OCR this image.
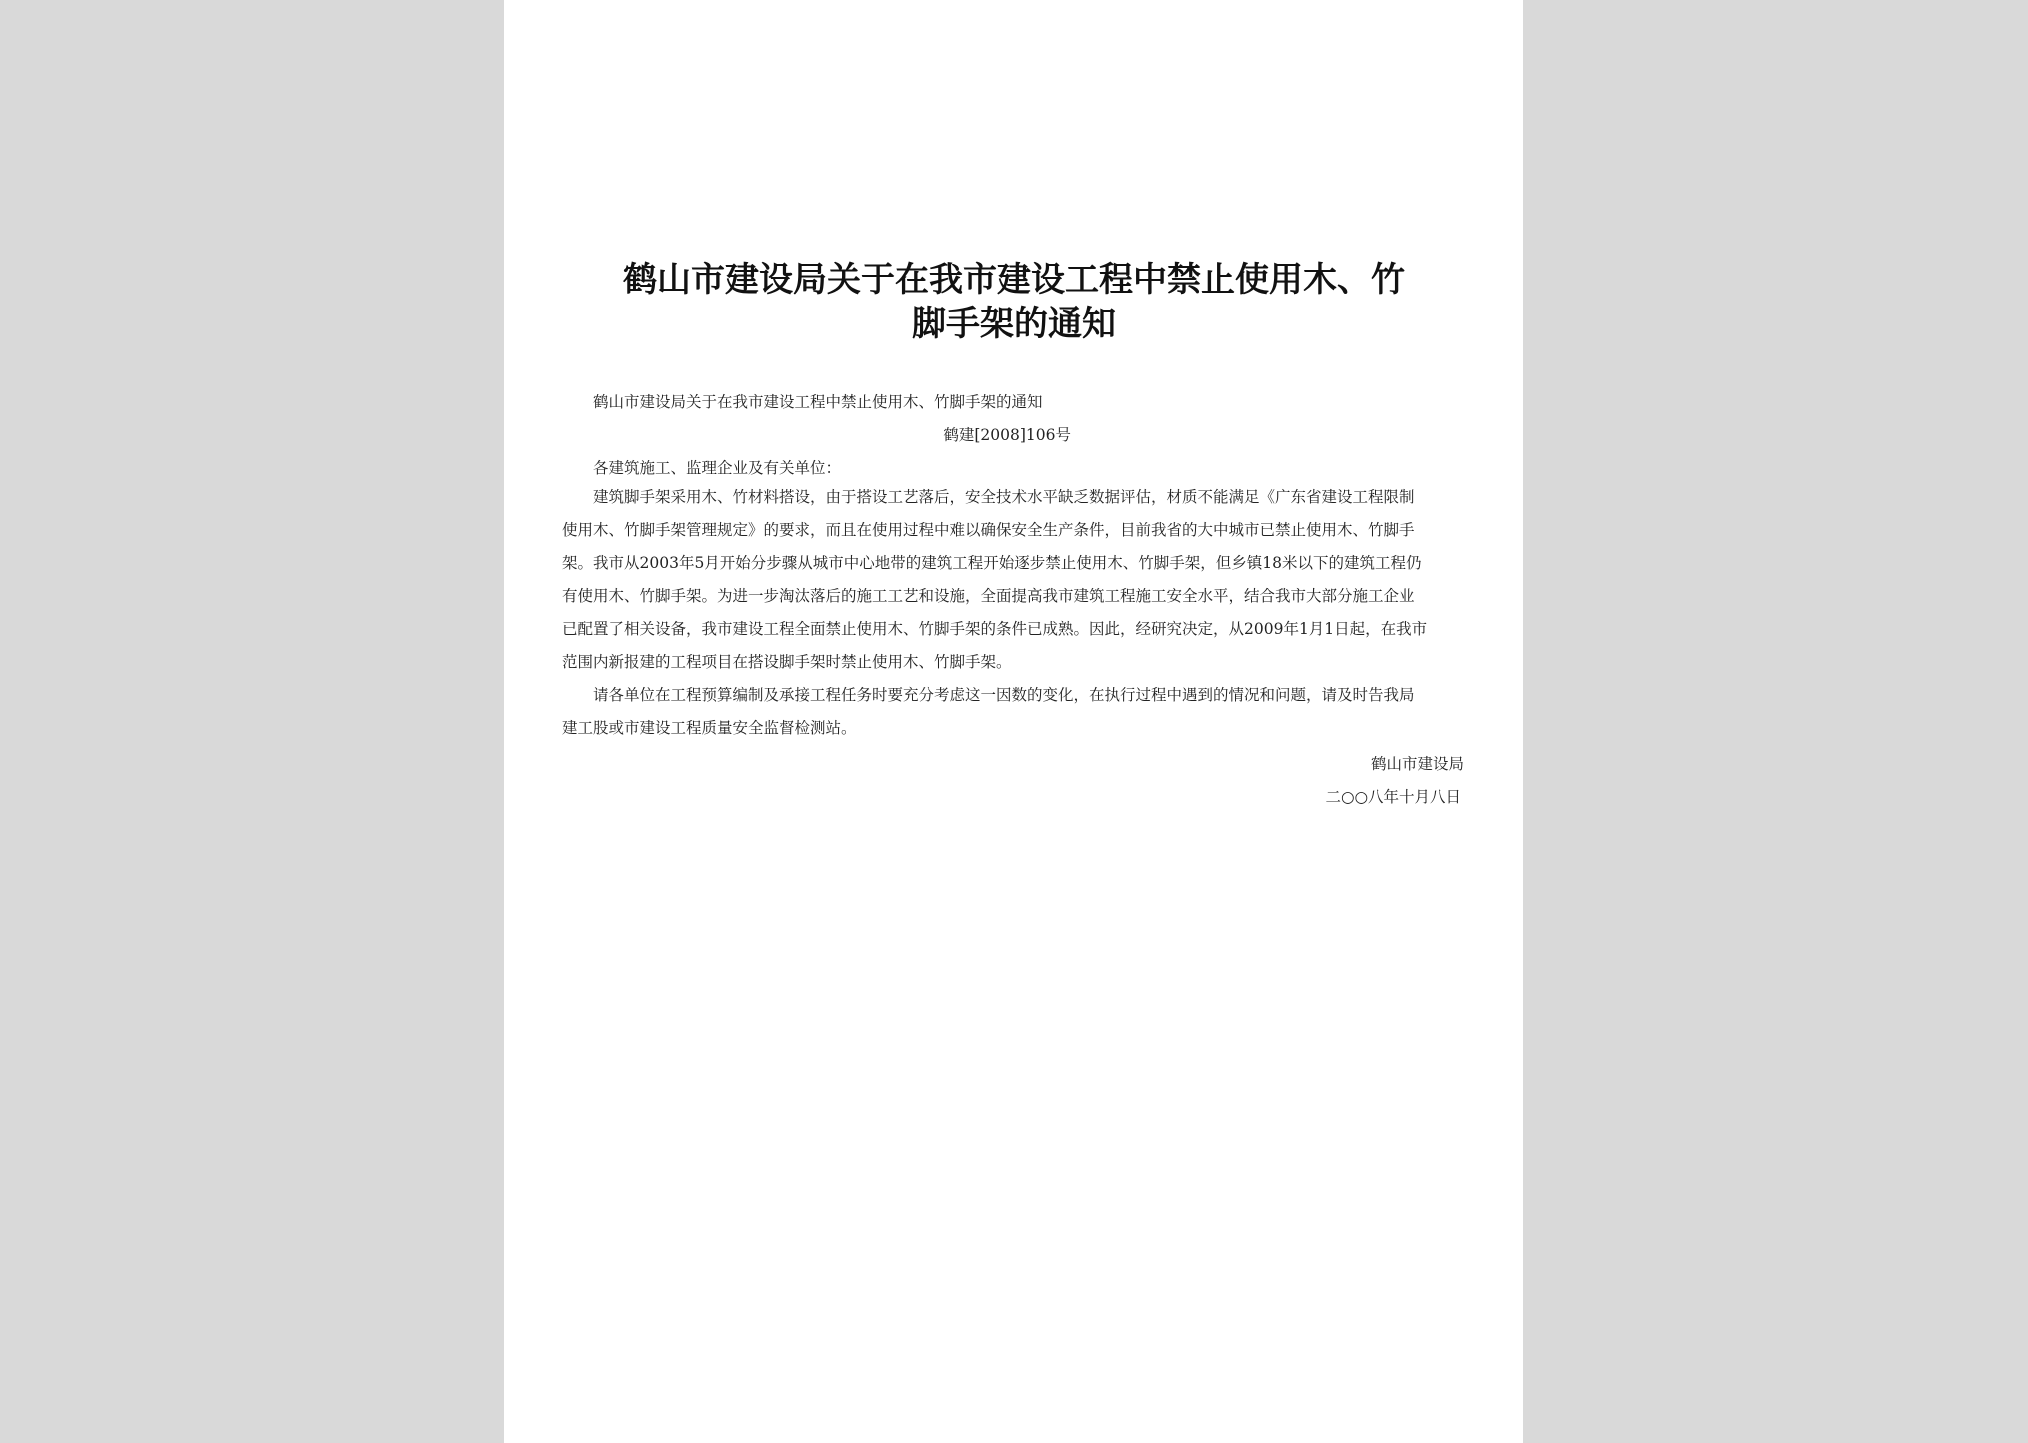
鹤山市建设局关于在我市建设工程中禁止使用木、竹
脚手架的通知
鹤山市建设局关于在我市建设工程中禁止使用木、竹脚手架的通知
鹤建[2008]106号
各建筑施工、监理企业及有关单位：
建筑脚手架采用木、竹材料搭设，由于搭设工艺落后，安全技术水平缺乏数据评估，材质不能满足《广东省建设工程限制
使用木、竹脚手架管理规定》的要求，而且在使用过程中难以确保安全生产条件，目前我省的大中城市已禁止使用木、竹脚手
架。我市从2003年5月开始分步骤从城市中心地带的建筑工程开始逐步禁止使用木、竹脚手架，但乡镇18米以下的建筑工程仍
有使用木、竹脚手架。为进一步淘汰落后的施工工艺和设施，全面提高我市建筑工程施工安全水平，结合我市大部分施工企业
已配置了相关设备，我市建设工程全面禁止使用木、竹脚手架的条件已成熟。因此，经研究决定，从2009年1月1日起，在我市
范围内新报建的工程项目在搭设脚手架时禁止使用木、竹脚手架。
请各单位在工程预算编制及承接工程任务时要充分考虑这一因数的变化，在执行过程中遇到的情况和问题，请及时告我局
建工股或市建设工程质量安全监督检测站。
鹤山市建设局
二○○八年十月八日
